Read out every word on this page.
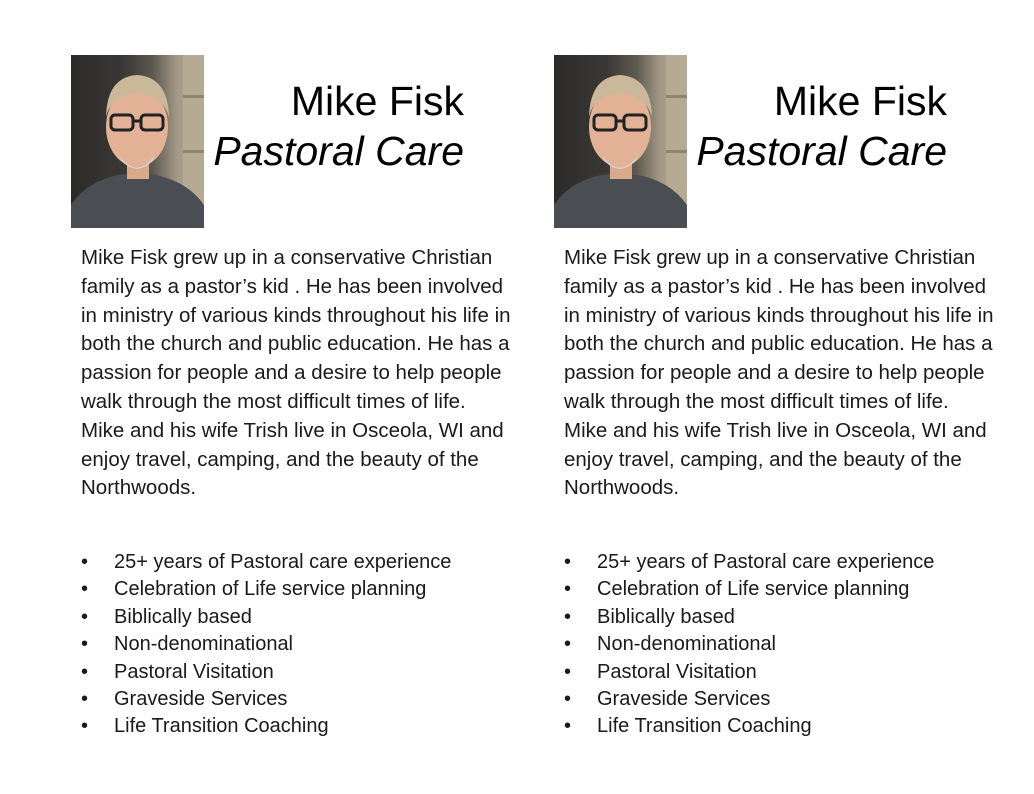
Mike Fisk
Pastoral Care
Mike Fisk grew up in a conservative Christian family as a pastor’s kid . He has been involved in ministry of various kinds throughout his life in both the church and public education. He has a passion for people and a desire to help people walk through the most difficult times of life. Mike and his wife Trish live in Osceola, WI and enjoy travel, camping, and the beauty of the Northwoods.
• 25+ years of Pastoral care experience
• Celebration of Life service planning
• Biblically based
• Non-denominational
• Pastoral Visitation
• Graveside Services
• Life Transition Coaching
Mike Fisk
Pastoral Care
Mike Fisk grew up in a conservative Christian family as a pastor’s kid . He has been involved in ministry of various kinds throughout his life in both the church and public education. He has a passion for people and a desire to help people walk through the most difficult times of life. Mike and his wife Trish live in Osceola, WI and enjoy travel, camping, and the beauty of the Northwoods.
• 25+ years of Pastoral care experience
• Celebration of Life service planning
• Biblically based
• Non-denominational
• Pastoral Visitation
• Graveside Services
• Life Transition Coaching
